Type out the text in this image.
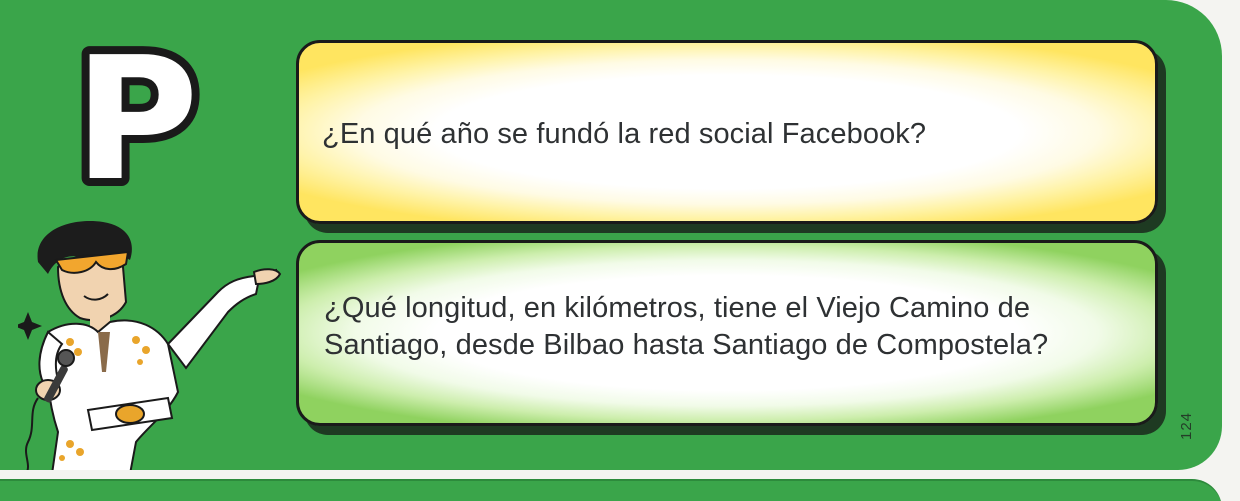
P	¿En qué año se fundó la red social Facebook?
¿Qué longitud, en kilómetros, tiene el Viejo Camino de
Santiago, desde Bilbao hasta Santiago de Compostela?
124
